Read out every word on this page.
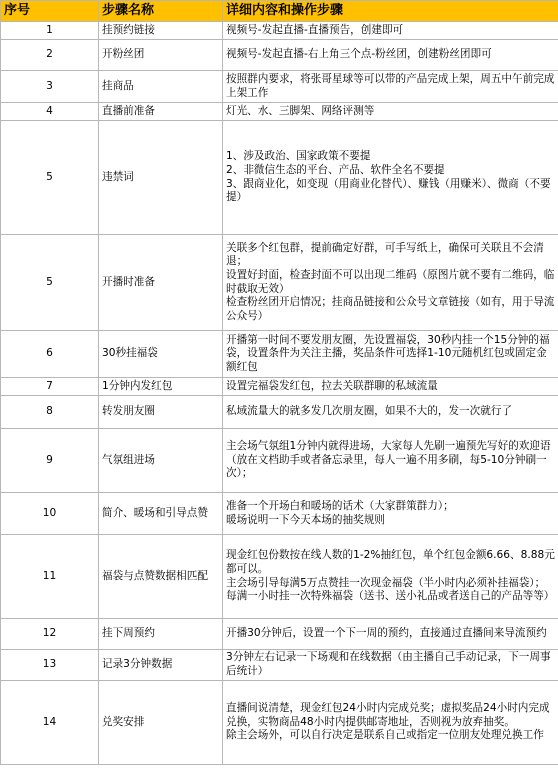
序号	步骤名称	详细内容和操作步骤
1	挂预约链接	视频号-发起直播-直播预告，创建即可
2	开粉丝团	视频号-发起直播-右上角三个点-粉丝团，创建粉丝团即可
3	挂商品	按照群内要求，将张哥星球等可以带的产品完成上架，周五中午前完成上架工作
4	直播前准备	灯光、水、三脚架、网络评测等
5	违禁词	1、涉及政治、国家政策不要提
2、非微信生态的平台、产品、软件全名不要提
3、跟商业化，如变现（用商业化替代）、赚钱（用赚米）、微商（不要提）
5	开播时准备	关联多个红包群，提前确定好群，可手写纸上，确保可关联且不会清退；
设置好封面，检查封面不可以出现二维码（原图片就不要有二维码，临时截取无效）
检查粉丝团开启情况；挂商品链接和公众号文章链接（如有，用于导流公众号）
6	30秒挂福袋	开播第一时间不要发朋友圈，先设置福袋，30秒内挂一个15分钟的福袋，设置条件为关注主播，奖品条件可选择1-10元随机红包或固定金额红包
7	1分钟内发红包	设置完福袋发红包，拉去关联群聊的私域流量
8	转发朋友圈	私域流量大的就多发几次朋友圈，如果不大的，发一次就行了
9	气氛组进场	主会场气氛组1分钟内就得进场，大家每人先刷一遍预先写好的欢迎语（放在文档助手或者备忘录里，每人一遍不用多刷，每5-10分钟刷一次）；
10	简介、暖场和引导点赞	准备一个开场白和暖场的话术（大家群策群力）；
暖场说明一下今天本场的抽奖规则
11	福袋与点赞数据相匹配	现金红包份数按在线人数的1-2%抽红包，单个红包金额6.66、8.88元都可以。
主会场引导每满5万点赞挂一次现金福袋（半小时内必须补挂福袋）；每满一小时挂一次特殊福袋（送书、送小礼品或者送自己的产品等等）
12	挂下周预约	开播30分钟后，设置一个下一周的预约，直接通过直播间来导流预约
13	记录3分钟数据	3分钟左右记录一下场观和在线数据（由主播自己手动记录，下一周事后统计）
14	兑奖安排	直播间说清楚，现金红包24小时内完成兑奖；虚拟奖品24小时内完成兑换，实物商品48小时内提供邮寄地址，否则视为放弃抽奖。
除主会场外，可以自行决定是联系自己或指定一位朋友处理兑换工作
